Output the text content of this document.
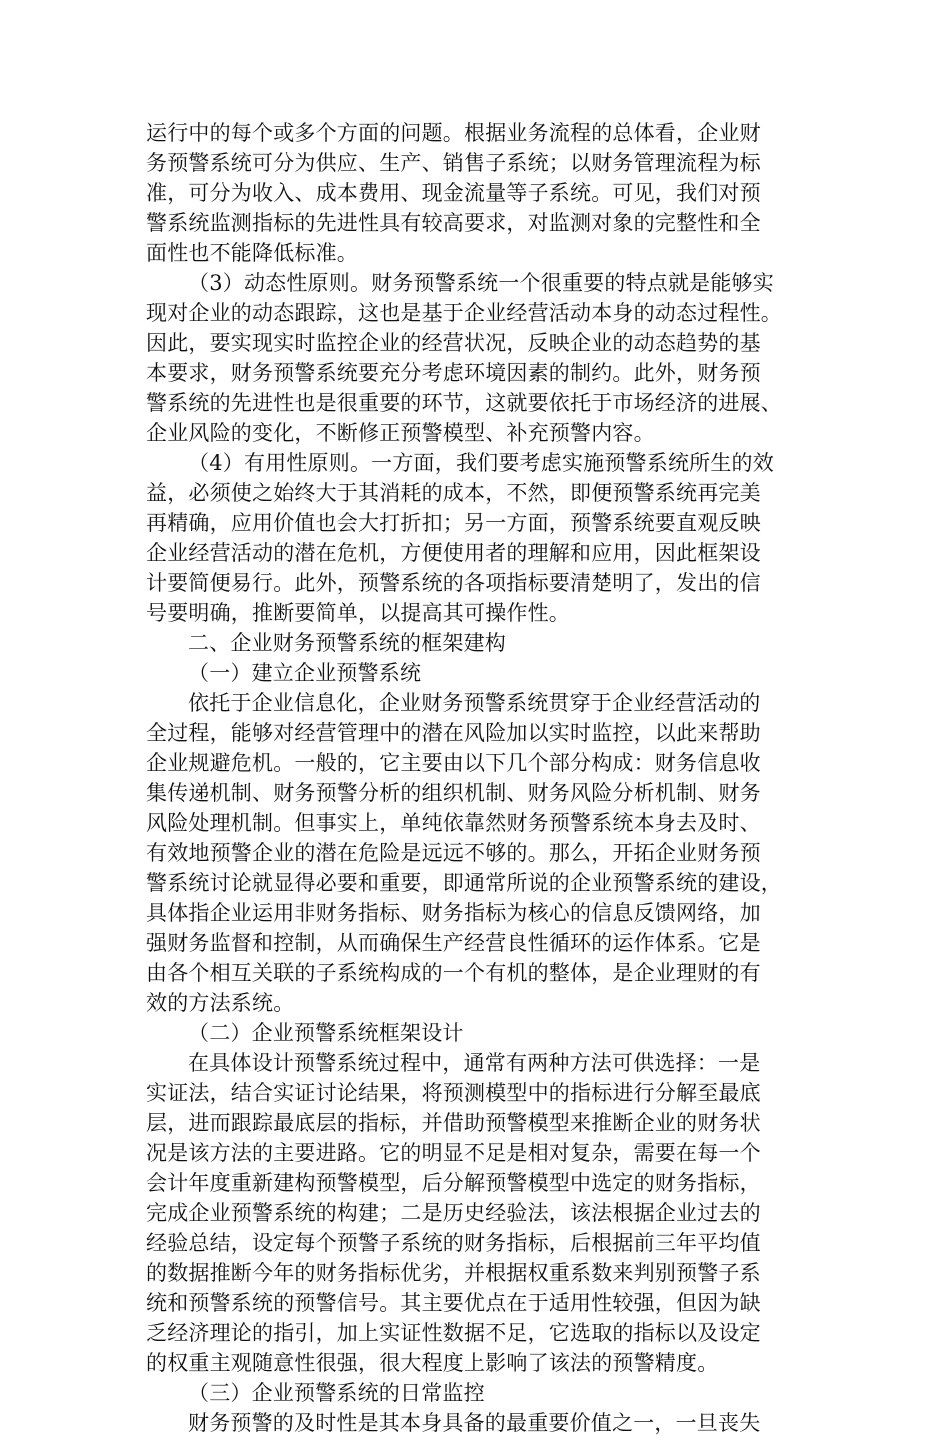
运行中的每个或多个方面的问题。根据业务流程的总体看，企业财
务预警系统可分为供应、生产、销售子系统；以财务管理流程为标
准，可分为收入、成本费用、现金流量等子系统。可见，我们对预
警系统监测指标的先进性具有较高要求，对监测对象的完整性和全
面性也不能降低标准。
（3）动态性原则。财务预警系统一个很重要的特点就是能够实
现对企业的动态跟踪，这也是基于企业经营活动本身的动态过程性。
因此，要实现实时监控企业的经营状况，反映企业的动态趋势的基
本要求，财务预警系统要充分考虑环境因素的制约。此外，财务预
警系统的先进性也是很重要的环节，这就要依托于市场经济的进展、
企业风险的变化，不断修正预警模型、补充预警内容。
（4）有用性原则。一方面，我们要考虑实施预警系统所生的效
益，必须使之始终大于其消耗的成本，不然，即便预警系统再完美
再精确，应用价值也会大打折扣；另一方面，预警系统要直观反映
企业经营活动的潜在危机，方便使用者的理解和应用，因此框架设
计要简便易行。此外，预警系统的各项指标要清楚明了，发出的信
号要明确，推断要简单，以提高其可操作性。
二、企业财务预警系统的框架建构
（一）建立企业预警系统
依托于企业信息化，企业财务预警系统贯穿于企业经营活动的
全过程，能够对经营管理中的潜在风险加以实时监控，以此来帮助
企业规避危机。一般的，它主要由以下几个部分构成：财务信息收
集传递机制、财务预警分析的组织机制、财务风险分析机制、财务
风险处理机制。但事实上，单纯依靠然财务预警系统本身去及时、
有效地预警企业的潜在危险是远远不够的。那么，开拓企业财务预
警系统讨论就显得必要和重要，即通常所说的企业预警系统的建设，
具体指企业运用非财务指标、财务指标为核心的信息反馈网络，加
强财务监督和控制，从而确保生产经营良性循环的运作体系。它是
由各个相互关联的子系统构成的一个有机的整体，是企业理财的有
效的方法系统。
（二）企业预警系统框架设计
在具体设计预警系统过程中，通常有两种方法可供选择：一是
实证法，结合实证讨论结果，将预测模型中的指标进行分解至最底
层，进而跟踪最底层的指标，并借助预警模型来推断企业的财务状
况是该方法的主要进路。它的明显不足是相对复杂，需要在每一个
会计年度重新建构预警模型，后分解预警模型中选定的财务指标，
完成企业预警系统的构建；二是历史经验法，该法根据企业过去的
经验总结，设定每个预警子系统的财务指标，后根据前三年平均值
的数据推断今年的财务指标优劣，并根据权重系数来判别预警子系
统和预警系统的预警信号。其主要优点在于适用性较强，但因为缺
乏经济理论的指引，加上实证性数据不足，它选取的指标以及设定
的权重主观随意性很强，很大程度上影响了该法的预警精度。
（三）企业预警系统的日常监控
财务预警的及时性是其本身具备的最重要价值之一，一旦丧失
